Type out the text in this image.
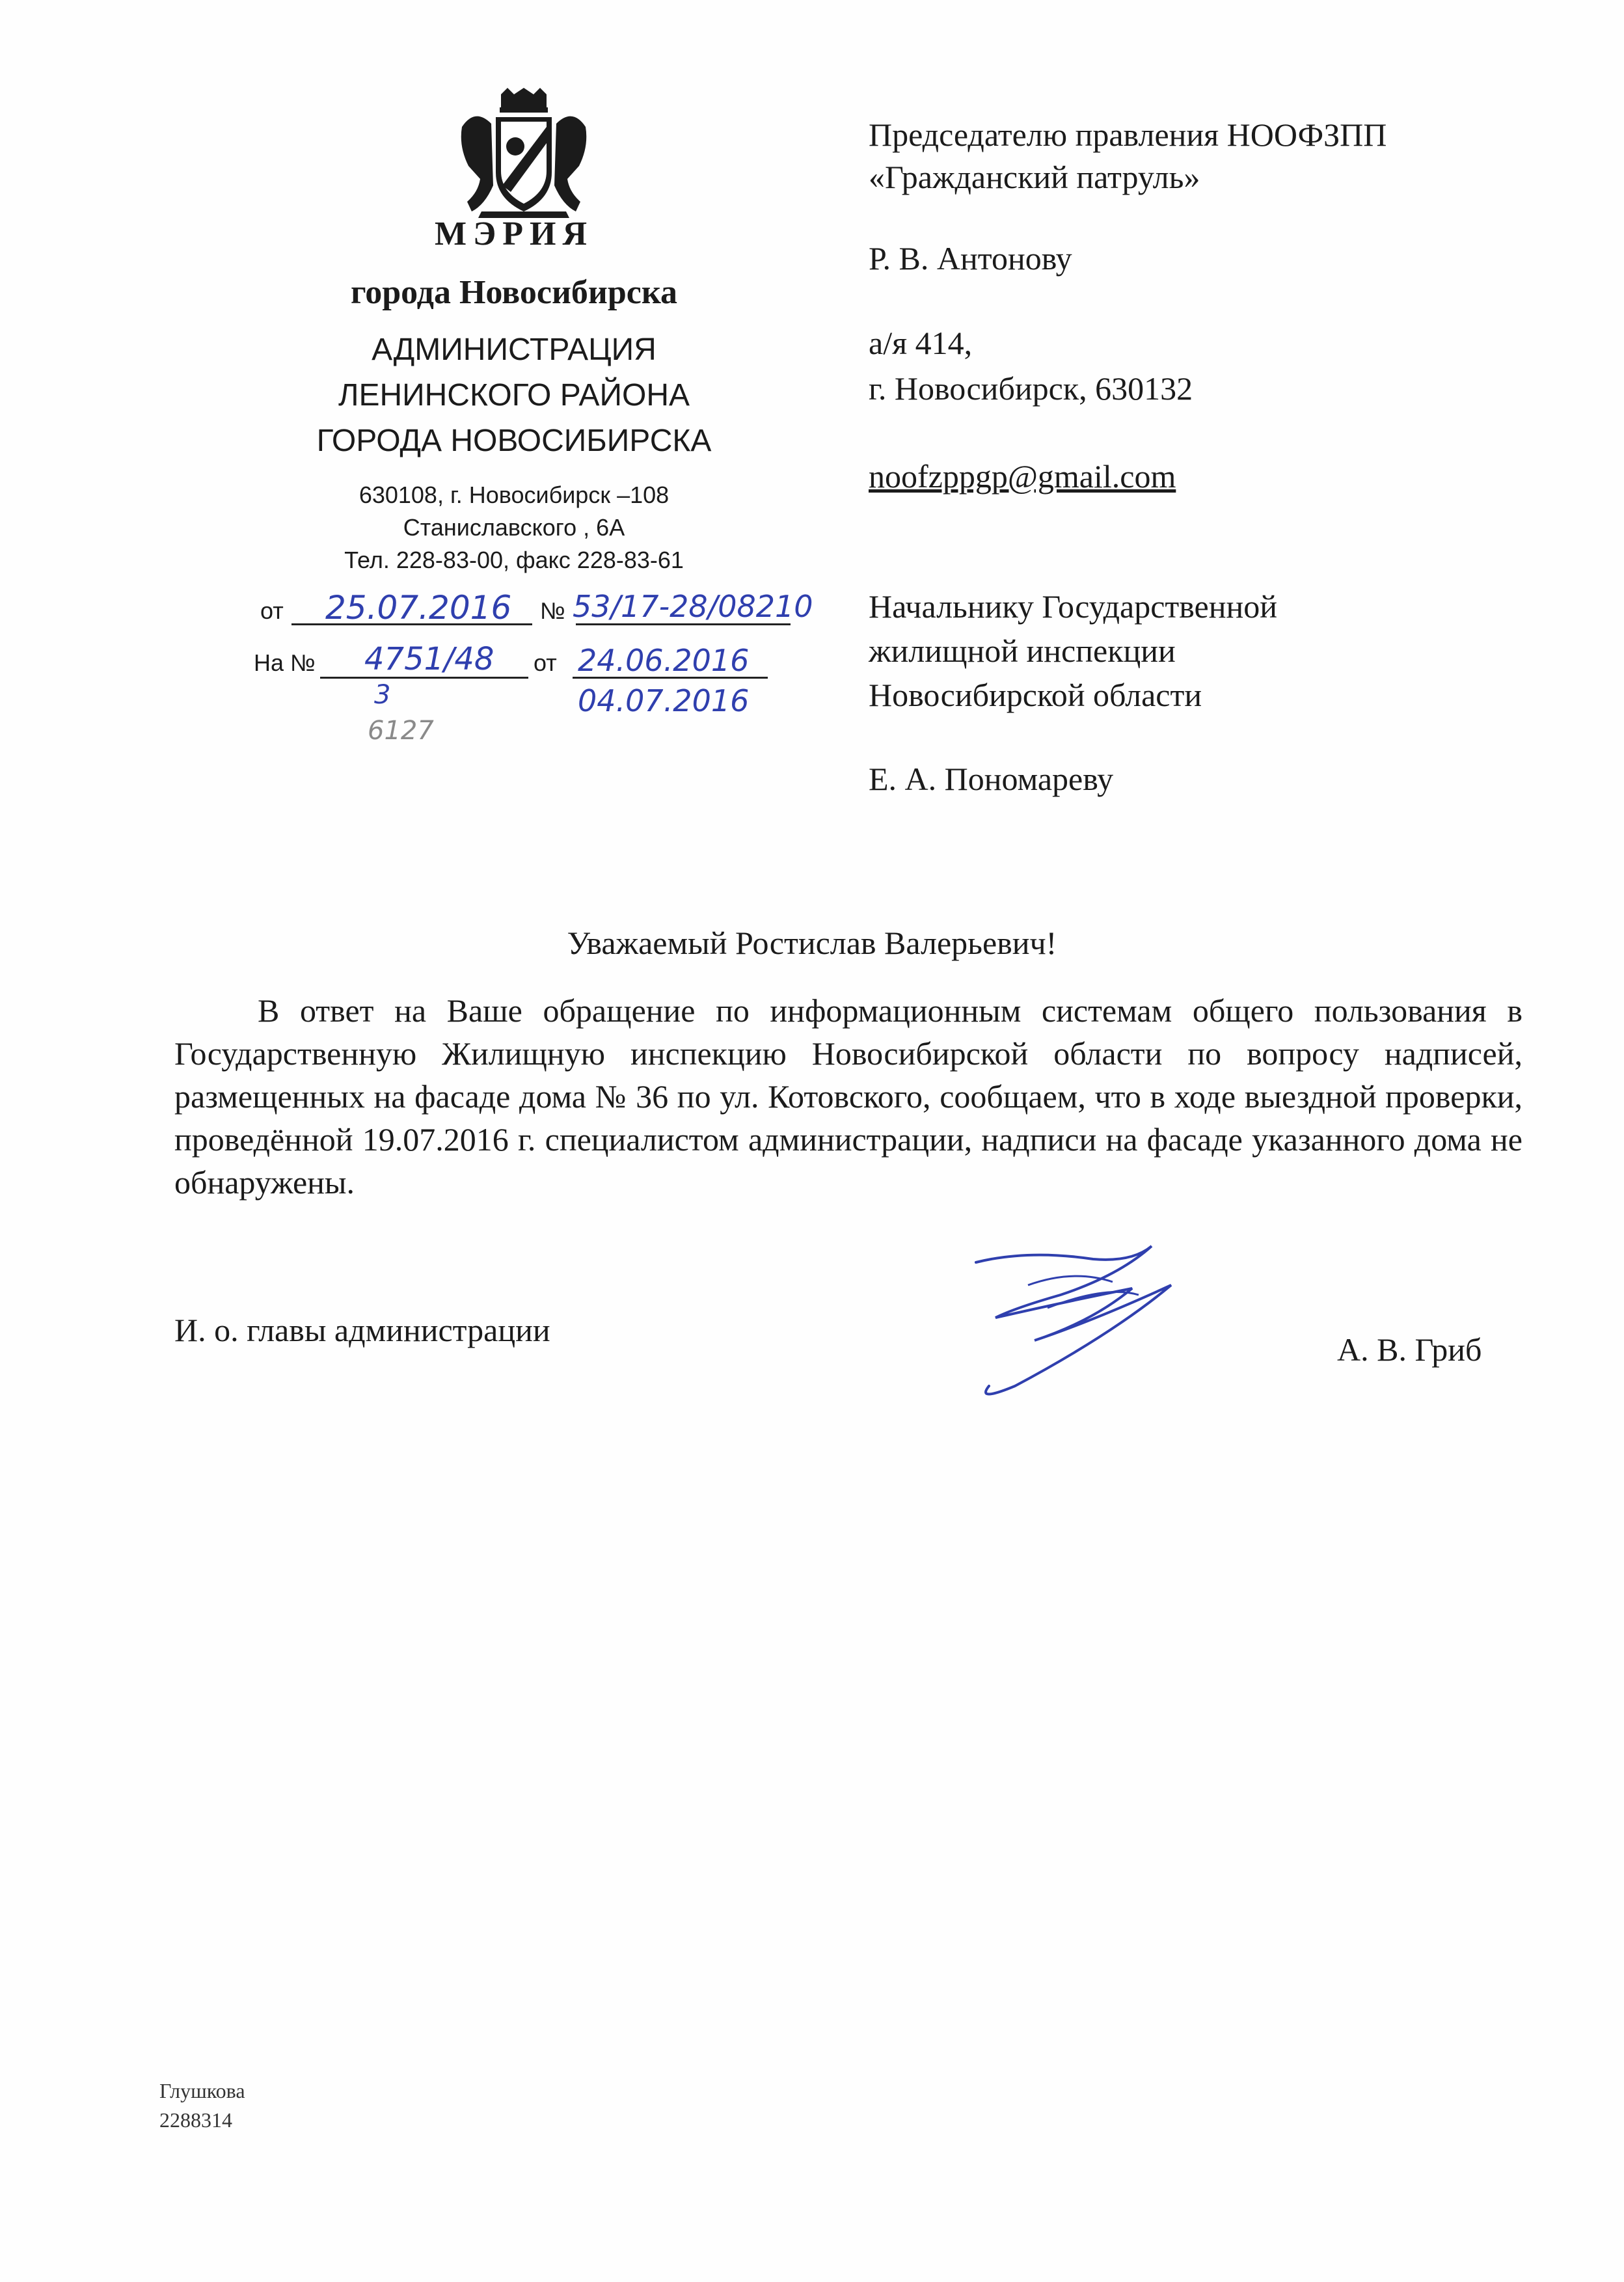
МЭРИЯ
города Новосибирска
АДМИНИСТРАЦИЯ
ЛЕНИНСКОГО РАЙОНА
ГОРОДА НОВОСИБИРСКА
630108, г. Новосибирск –108
Станиславского , 6А
Тел. 228-83-00, факс 228-83-61
от 25.07.2016 № 53/17-28/08210
На № 4751/48 от 24.06.2016
04.07.2016
3
6127
Председателю правления НООФЗПП
«Гражданский патруль»
Р. В. Антонову
а/я 414,
г. Новосибирск, 630132
noofzppgp@gmail.com
Начальнику Государственной
жилищной инспекции
Новосибирской области
Е. А. Пономареву
Уважаемый Ростислав Валерьевич!
В ответ на Ваше обращение по информационным системам общего пользования в Государственную Жилищную инспекцию Новосибирской области по вопросу надписей, размещенных на фасаде дома № 36 по ул. Котовского, сообщаем, что в ходе выездной проверки, проведённой 19.07.2016 г. специалистом администрации, надписи на фасаде указанного дома не обнаружены.
И. о. главы администрации
А. В. Гриб
Глушкова
2288314
